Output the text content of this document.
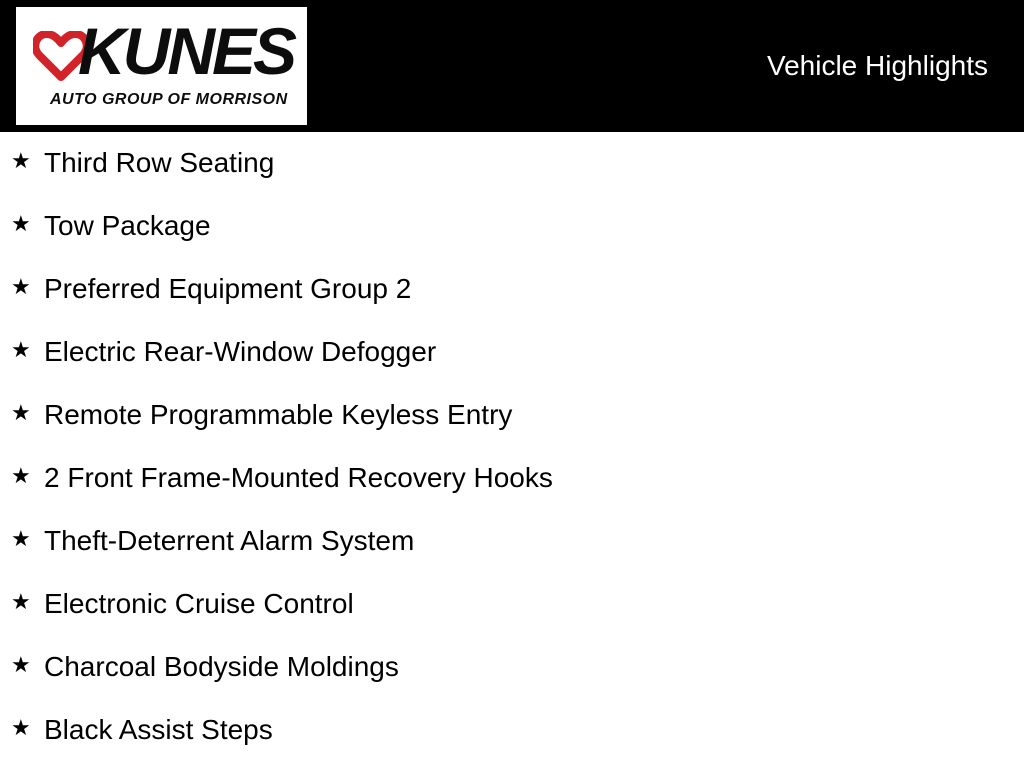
KUNES
AUTO GROUP OF MORRISON
Vehicle Highlights
★ Third Row Seating
★ Tow Package
★ Preferred Equipment Group 2
★ Electric Rear-Window Defogger
★ Remote Programmable Keyless Entry
★ 2 Front Frame-Mounted Recovery Hooks
★ Theft-Deterrent Alarm System
★ Electronic Cruise Control
★ Charcoal Bodyside Moldings
★ Black Assist Steps
